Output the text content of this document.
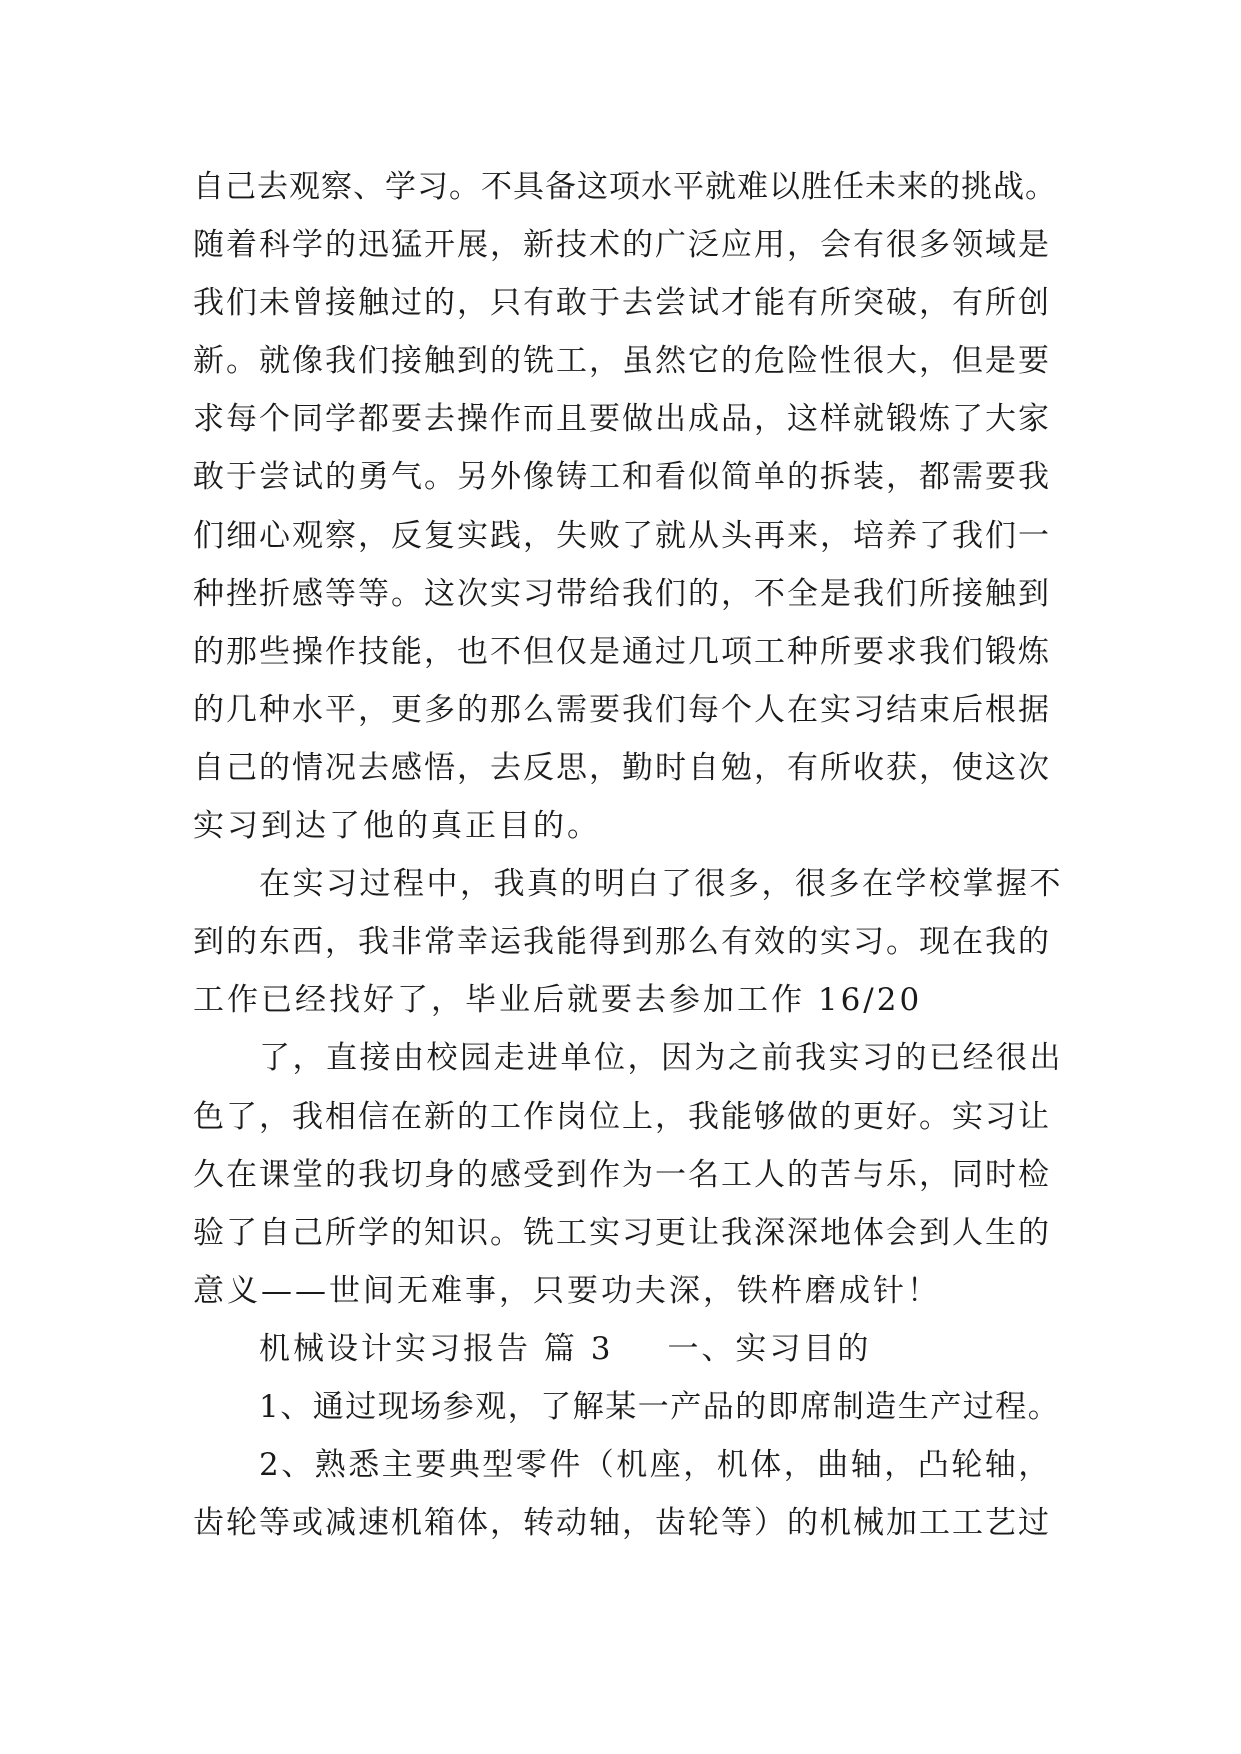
自己去观察、学习。不具备这项水平就难以胜任未来的挑战。
随着科学的迅猛开展，新技术的广泛应用，会有很多领域是
我们未曾接触过的，只有敢于去尝试才能有所突破，有所创
新。就像我们接触到的铣工，虽然它的危险性很大，但是要
求每个同学都要去操作而且要做出成品，这样就锻炼了大家
敢于尝试的勇气。另外像铸工和看似简单的拆装，都需要我
们细心观察，反复实践，失败了就从头再来，培养了我们一
种挫折感等等。这次实习带给我们的，不全是我们所接触到
的那些操作技能，也不但仅是通过几项工种所要求我们锻炼
的几种水平，更多的那么需要我们每个人在实习结束后根据
自己的情况去感悟，去反思，勤时自勉，有所收获，使这次
实习到达了他的真正目的。
在实习过程中，我真的明白了很多，很多在学校掌握不
到的东西，我非常幸运我能得到那么有效的实习。现在我的
工作已经找好了，毕业后就要去参加工作 16/20
了，直接由校园走进单位，因为之前我实习的已经很出
色了，我相信在新的工作岗位上，我能够做的更好。实习让
久在课堂的我切身的感受到作为一名工人的苦与乐，同时检
验了自己所学的知识。铣工实习更让我深深地体会到人生的
意义——世间无难事，只要功夫深，铁杵磨成针！
机械设计实习报告 篇 3 一、实习目的
1、通过现场参观，了解某一产品的即席制造生产过程。
2、熟悉主要典型零件（机座，机体，曲轴，凸轮轴，
齿轮等或减速机箱体，转动轴，齿轮等）的机械加工工艺过
